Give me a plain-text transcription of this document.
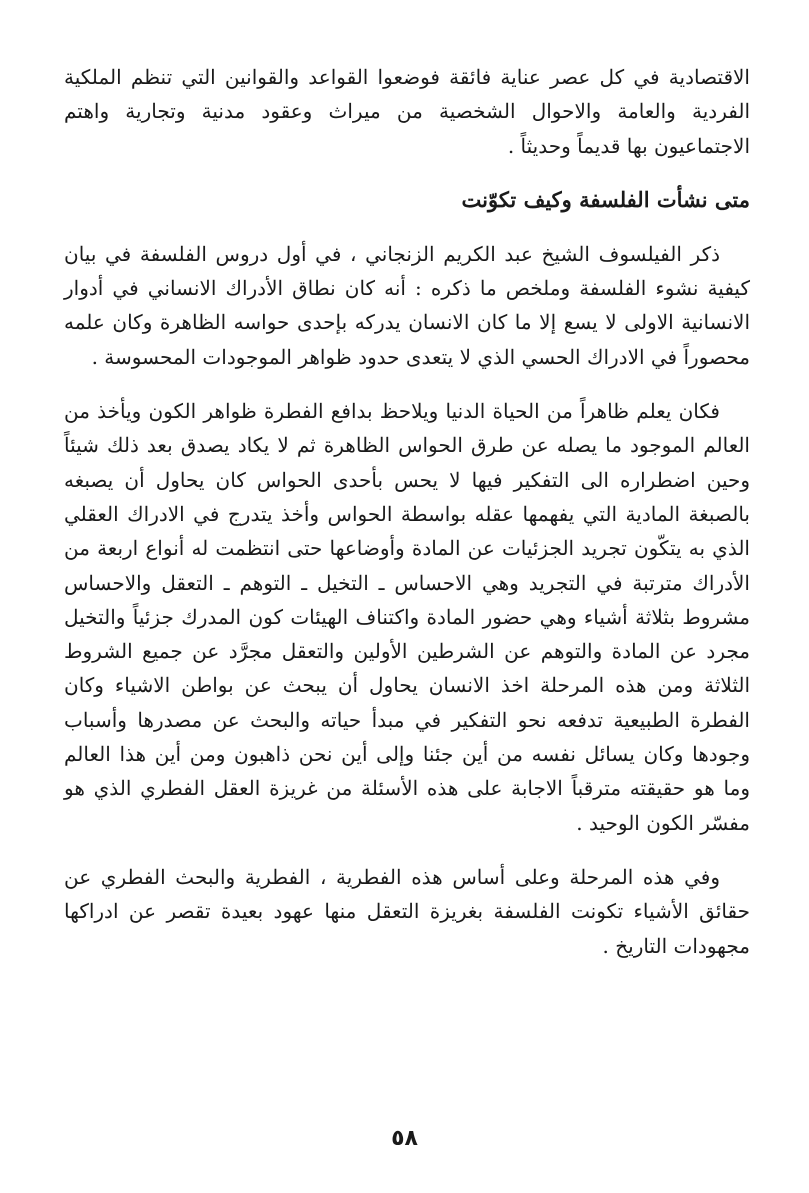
الاقتصادية في كل عصر عناية فائقة فوضعوا القواعد والقوانين التي تنظم الملكية الفردية والعامة والاحوال الشخصية من ميراث وعقود مدنية وتجارية واهتم الاجتماعيون بها قديماً وحديثاً .

متى نشأت الفلسفة وكيف تكوّنت

ذكر الفيلسوف الشيخ عبد الكريم الزنجاني ، في أول دروس الفلسفة في بيان كيفية نشوء الفلسفة وملخص ما ذكره : أنه كان نطاق الأدراك الانساني في أدوار الانسانية الاولى لا يسع إلا ما كان الانسان يدركه بإحدى حواسه الظاهرة وكان علمه محصوراً في الادراك الحسي الذي لا يتعدى حدود ظواهر الموجودات المحسوسة .

فكان يعلم ظاهراً من الحياة الدنيا ويلاحظ بدافع الفطرة ظواهر الكون ويأخذ من العالم الموجود ما يصله عن طرق الحواس الظاهرة ثم لا يكاد يصدق بعد ذلك شيئاً وحين اضطراره الى التفكير فيها لا يحس بأحدى الحواس كان يحاول أن يصبغه بالصبغة المادية التي يفهمها عقله بواسطة الحواس وأخذ يتدرج في الادراك العقلي الذي به يتكّون تجريد الجزئيات عن المادة وأوضاعها حتى انتظمت له أنواع اربعة من الأدراك مترتبة في التجريد وهي الاحساس ـ التخيل ـ التوهم ـ التعقل والاحساس مشروط بثلاثة أشياء وهي حضور المادة واكتناف الهيئات كون المدرك جزئياً والتخيل مجرد عن المادة والتوهم عن الشرطين الأولين والتعقل مجرَّد عن جميع الشروط الثلاثة ومن هذه المرحلة اخذ الانسان يحاول أن يبحث عن بواطن الاشياء وكان الفطرة الطبيعية تدفعه نحو التفكير في مبدأ حياته والبحث عن مصدرها وأسباب وجودها وكان يسائل نفسه من أين جئنا وإلى أين نحن ذاهبون ومن أين هذا العالم وما هو حقيقته مترقباً الاجابة على هذه الأسئلة من غريزة العقل الفطري الذي هو مفسّر الكون الوحيد .

وفي هذه المرحلة وعلى أساس هذه الفطرية ، الفطرية والبحث الفطري عن حقائق الأشياء تكونت الفلسفة بغريزة التعقل منها عهود بعيدة تقصر عن ادراكها مجهودات التاريخ .

٥٨
